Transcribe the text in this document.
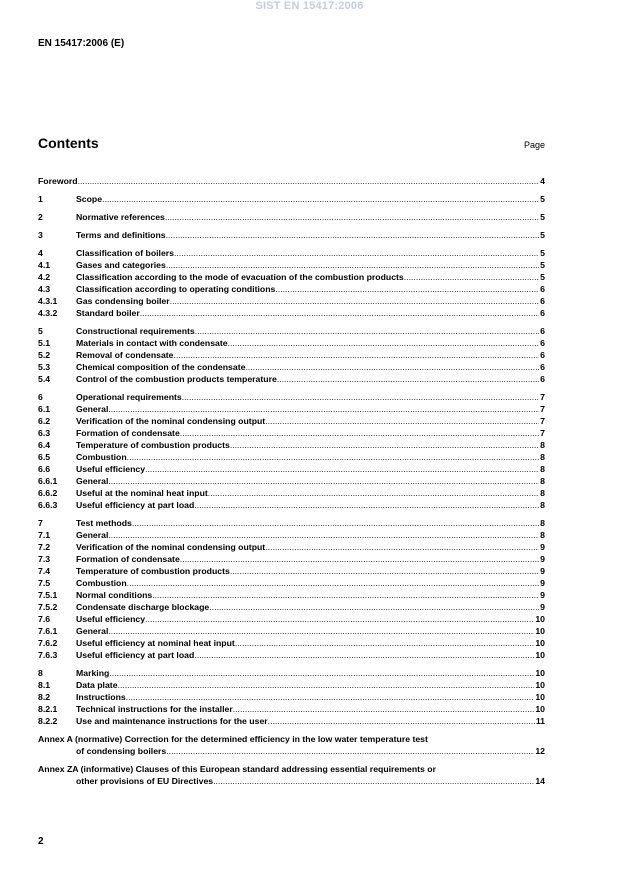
SIST EN 15417:2006
EN 15417:2006 (E)
Contents	Page
Foreword .....	4
1	Scope .....	5
2	Normative references .....	5
3	Terms and definitions .....	5
4	Classification of boilers .....	5
4.1	Gases and categories .....	5
4.2	Classification according to the mode of evacuation of the combustion products .....	5
4.3	Classification according to operating conditions .....	6
4.3.1	Gas condensing boiler .....	6
4.3.2	Standard boiler .....	6
5	Constructional requirements .....	6
5.1	Materials in contact with condensate .....	6
5.2	Removal of condensate .....	6
5.3	Chemical composition of the condensate .....	6
5.4	Control of the combustion products temperature .....	6
6	Operational requirements .....	7
6.1	General .....	7
6.2	Verification of the nominal condensing output .....	7
6.3	Formation of condensate .....	7
6.4	Temperature of combustion products .....	8
6.5	Combustion .....	8
6.6	Useful efficiency .....	8
6.6.1	General .....	8
6.6.2	Useful at the nominal heat input .....	8
6.6.3	Useful efficiency at part load .....	8
7	Test methods .....	8
7.1	General .....	8
7.2	Verification of the nominal condensing output .....	9
7.3	Formation of condensate .....	9
7.4	Temperature of combustion products .....	9
7.5	Combustion .....	9
7.5.1	Normal conditions .....	9
7.5.2	Condensate discharge blockage .....	9
7.6	Useful efficiency .....	10
7.6.1	General .....	10
7.6.2	Useful efficiency at nominal heat input .....	10
7.6.3	Useful efficiency at part load .....	10
8	Marking .....	10
8.1	Data plate .....	10
8.2	Instructions .....	10
8.2.1	Technical instructions for the installer .....	10
8.2.2	Use and maintenance instructions for the user .....	11
Annex A (normative) Correction for the determined efficiency in the low water temperature test
of condensing boilers .....	12
Annex ZA (informative) Clauses of this European standard addressing essential requirements or
other provisions of EU Directives .....	14
2
